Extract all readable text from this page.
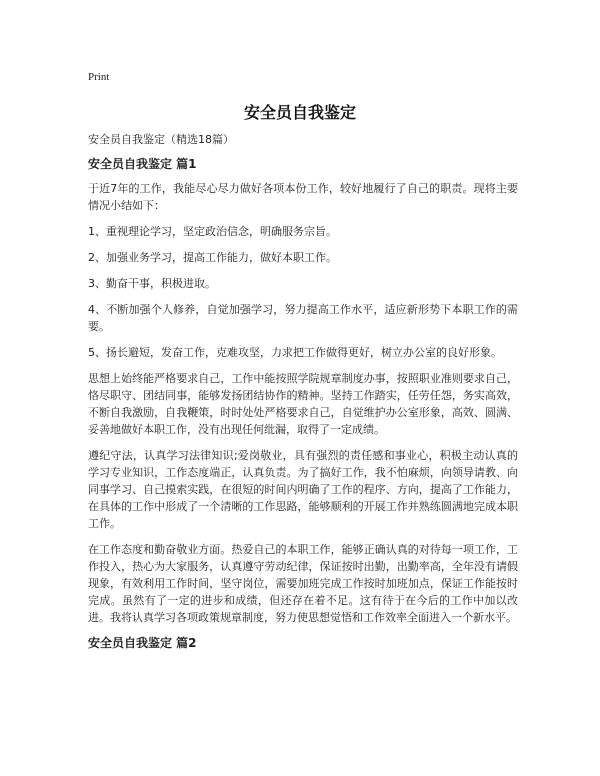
Print
安全员自我鉴定

安全员自我鉴定（精选18篇）

安全员自我鉴定 篇1

于近7年的工作，我能尽心尽力做好各项本份工作，较好地履行了自己的职责。现将主要情况小结如下：

1、重视理论学习，坚定政治信念，明确服务宗旨。

2、加强业务学习，提高工作能力，做好本职工作。

3、勤奋干事，积极进取。

4、不断加强个人修养，自觉加强学习，努力提高工作水平，适应新形势下本职工作的需要。

5、扬长避短，发奋工作，克难攻坚，力求把工作做得更好，树立办公室的良好形象。

思想上始终能严格要求自己，工作中能按照学院规章制度办事，按照职业准则要求自己，恪尽职守、团结同事，能够发扬团结协作的精神。坚持工作踏实，任劳任怨，务实高效，不断自我激励，自我鞭策，时时处处严格要求自己，自觉维护办公室形象，高效、圆满、妥善地做好本职工作，没有出现任何纰漏，取得了一定成绩。

遵纪守法，认真学习法律知识;爱岗敬业，具有强烈的责任感和事业心，积极主动认真的学习专业知识，工作态度端正，认真负责。为了搞好工作，我不怕麻烦，向领导请教、向同事学习、自己摸索实践，在很短的时间内明确了工作的程序、方向，提高了工作能力，在具体的工作中形成了一个清晰的工作思路，能够顺利的开展工作并熟练圆满地完成本职工作。

在工作态度和勤奋敬业方面。热爱自己的本职工作，能够正确认真的对待每一项工作，工作投入，热心为大家服务，认真遵守劳动纪律，保证按时出勤，出勤率高，全年没有请假现象，有效利用工作时间，坚守岗位，需要加班完成工作按时加班加点，保证工作能按时完成。虽然有了一定的进步和成绩，但还存在着不足。这有待于在今后的工作中加以改进。我将认真学习各项政策规章制度，努力使思想觉悟和工作效率全面进入一个新水平。

安全员自我鉴定 篇2
